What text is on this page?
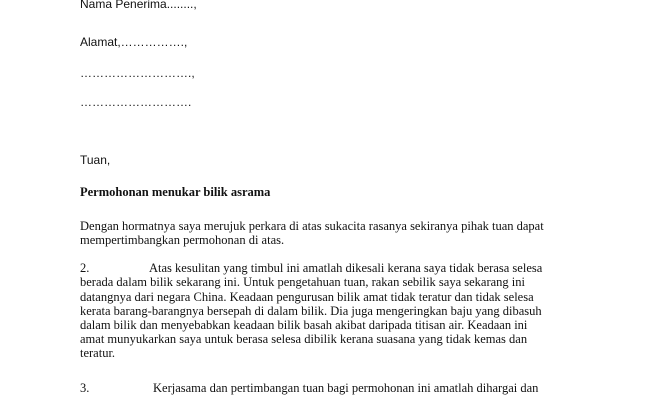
Nama Penerima........,
Alamat,…………….,
……………………….,
……………………….
Tuan,
Permohonan menukar bilik asrama
Dengan hormatnya saya merujuk perkara di atas sukacita rasanya sekiranya pihak tuan dapat
mempertimbangkan permohonan di atas.
2.	Atas kesulitan yang timbul ini amatlah dikesali kerana saya tidak berasa selesa
berada dalam bilik sekarang ini. Untuk pengetahuan tuan, rakan sebilik saya sekarang ini
datangnya dari negara China. Keadaan pengurusan bilik amat tidak teratur dan tidak selesa
kerata barang-barangnya bersepah di dalam bilik. Dia juga mengeringkan baju yang dibasuh
dalam bilik dan menyebabkan keadaan bilik basah akibat daripada titisan air. Keadaan ini
amat munyukarkan saya untuk berasa selesa dibilik kerana suasana yang tidak kemas dan
teratur.
3.	Kerjasama dan pertimbangan tuan bagi permohonan ini amatlah dihargai dan
